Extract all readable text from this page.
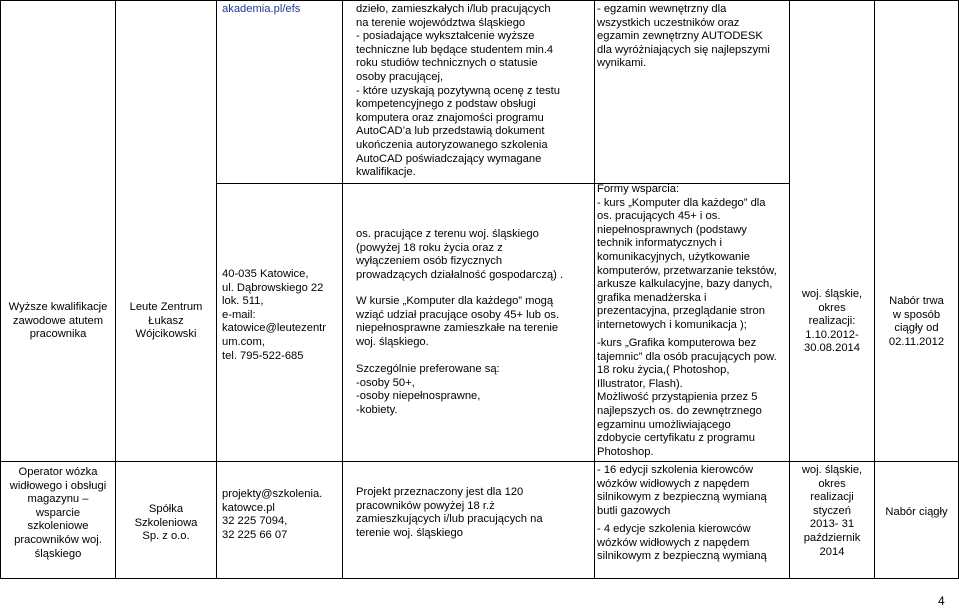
Wyższe kwalifikacje
zawodowe atutem
pracownika
Operator wózka
widłowego i obsługi
magazynu –
wsparcie
szkoleniowe
pracowników woj.
śląskiego
Leute Zentrum
Łukasz
Wójcikowski
Spółka
Szkoleniowa
Sp. z o.o.
akademia.pl/efs
40-035 Katowice,
ul. Dąbrowskiego 22
lok. 511,
e-mail:
katowice@leutezentr
um.com,
tel. 795-522-685
projekty@szkolenia.
katowce.pl
32 225 7094,
32 225 66 07
dzieło, zamieszkałych i/lub pracujących
na terenie województwa śląskiego
- posiadające wykształcenie wyższe
techniczne lub będące studentem min.4
roku studiów technicznych o statusie
osoby pracującej,
- które uzyskają pozytywną ocenę z testu
kompetencyjnego z podstaw obsługi
komputera oraz znajomości programu
AutoCAD’a lub przedstawią dokument
ukończenia autoryzowanego szkolenia
AutoCAD poświadczający wymagane
kwalifikacje.
os. pracujące z terenu woj. śląskiego
(powyżej 18 roku życia oraz z
wyłączeniem osób fizycznych
prowadzących działalność gospodarczą) .
W kursie „Komputer dla każdego” mogą
wziąć udział pracujące osoby 45+ lub os.
niepełnosprawne zamieszkałe na terenie
woj. śląskiego.
Szczególnie preferowane są:
-osoby 50+,
-osoby niepełnosprawne,
-kobiety.
Projekt przeznaczony jest dla 120
pracowników powyżej 18 r.ż
zamieszkujących i/lub pracujących na
terenie woj. śląskiego
- egzamin wewnętrzny dla
wszystkich uczestników oraz
egzamin zewnętrzny AUTODESK
dla wyróżniających się najlepszymi
wynikami.
Formy wsparcia:
- kurs „Komputer dla każdego” dla
os. pracujących 45+ i os.
niepełnosprawnych (podstawy
technik informatycznych i
komunikacyjnych, użytkowanie
komputerów, przetwarzanie tekstów,
arkusze kalkulacyjne, bazy danych,
grafika menadżerska i
prezentacyjna, przeglądanie stron
internetowych i komunikacja );
-kurs „Grafika komputerowa bez
tajemnic” dla osób pracujących pow.
18 roku życia,( Photoshop,
Illustrator, Flash).
Możliwość przystąpienia przez 5
najlepszych os. do zewnętrznego
egzaminu umożliwiającego
zdobycie certyfikatu z programu
Photoshop.
- 16 edycji szkolenia kierowców
wózków widłowych z napędem
silnikowym z bezpieczną wymianą
butli gazowych
- 4 edycje szkolenia kierowców
wózków widłowych z napędem
silnikowym z bezpieczną wymianą
woj. śląskie,
okres
realizacji:
1.10.2012-
30.08.2014
woj. śląskie,
okres
realizacji
styczeń
2013- 31
październik
2014
Nabór trwa
w sposób
ciągły od
02.11.2012
Nabór ciągły
4
